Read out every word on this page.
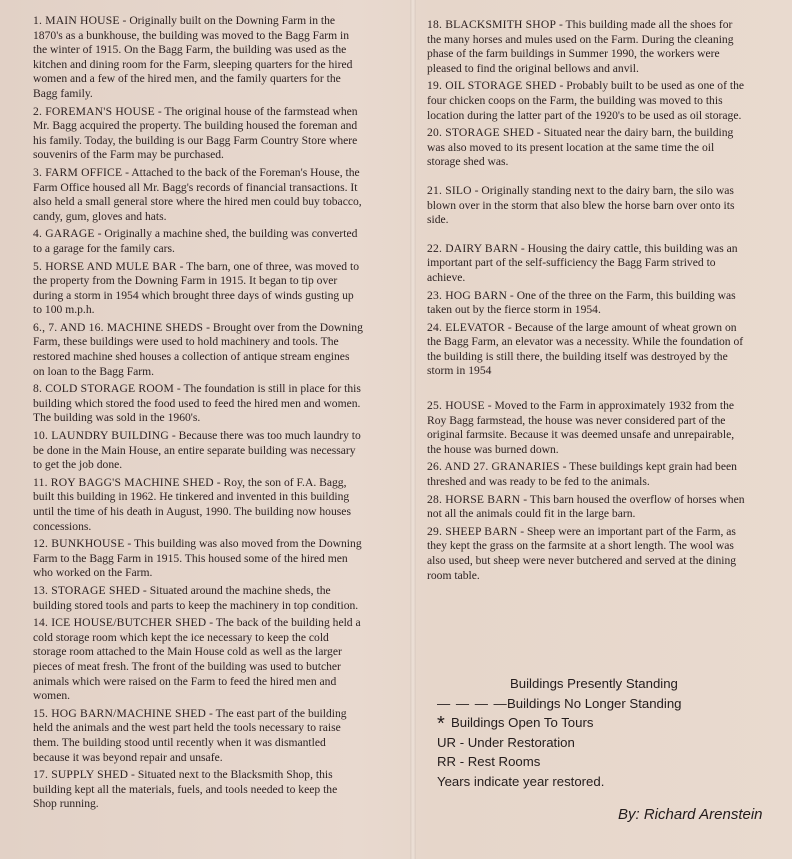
1. MAIN HOUSE - Originally built on the Downing Farm in the 1870's as a bunkhouse, the building was moved to the Bagg Farm in the winter of 1915. On the Bagg Farm, the building was used as the kitchen and dining room for the Farm, sleeping quarters for the hired women and a few of the hired men, and the family quarters for the Bagg family.
2. FOREMAN'S HOUSE - The original house of the farmstead when Mr. Bagg acquired the property. The building housed the foreman and his family. Today, the building is our Bagg Farm Country Store where souvenirs of the Farm may be purchased.
3. FARM OFFICE - Attached to the back of the Foreman's House, the Farm Office housed all Mr. Bagg's records of financial transactions. It also held a small general store where the hired men could buy tobacco, candy, gum, gloves and hats.
4. GARAGE - Originally a machine shed, the building was converted to a garage for the family cars.
5. HORSE AND MULE BAR - The barn, one of three, was moved to the property from the Downing Farm in 1915. It began to tip over during a storm in 1954 which brought three days of winds gusting up to 100 m.p.h.
6., 7. AND 16. MACHINE SHEDS - Brought over from the Downing Farm, these buildings were used to hold machinery and tools. The restored machine shed houses a collection of antique stream engines on loan to the Bagg Farm.
8. COLD STORAGE ROOM - The foundation is still in place for this building which stored the food used to feed the hired men and women. The building was sold in the 1960's.
10. LAUNDRY BUILDING - Because there was too much laundry to be done in the Main House, an entire separate building was necessary to get the job done.
11. ROY BAGG'S MACHINE SHED - Roy, the son of F.A. Bagg, built this building in 1962. He tinkered and invented in this building until the time of his death in August, 1990. The building now houses concessions.
12. BUNKHOUSE - This building was also moved from the Downing Farm to the Bagg Farm in 1915. This housed some of the hired men who worked on the Farm.
13. STORAGE SHED - Situated around the machine sheds, the building stored tools and parts to keep the machinery in top condition.
14. ICE HOUSE/BUTCHER SHED - The back of the building held a cold storage room which kept the ice necessary to keep the cold storage room attached to the Main House cold as well as the larger pieces of meat fresh. The front of the building was used to butcher animals which were raised on the Farm to feed the hired men and women.
15. HOG BARN/MACHINE SHED - The east part of the building held the animals and the west part held the tools necessary to raise them. The building stood until recently when it was dismantled because it was beyond repair and unsafe.
17. SUPPLY SHED - Situated next to the Blacksmith Shop, this building kept all the materials, fuels, and tools needed to keep the Shop running.
18. BLACKSMITH SHOP - This building made all the shoes for the many horses and mules used on the Farm. During the cleaning phase of the farm buildings in Summer 1990, the workers were pleased to find the original bellows and anvil.
19. OIL STORAGE SHED - Probably built to be used as one of the four chicken coops on the Farm, the building was moved to this location during the latter part of the 1920's to be used as oil storage.
20. STORAGE SHED - Situated near the dairy barn, the building was also moved to its present location at the same time the oil storage shed was.
21. SILO - Originally standing next to the dairy barn, the silo was blown over in the storm that also blew the horse barn over onto its side.
22. DAIRY BARN - Housing the dairy cattle, this building was an important part of the self-sufficiency the Bagg Farm strived to achieve.
23. HOG BARN - One of the three on the Farm, this building was taken out by the fierce storm in 1954.
24. ELEVATOR - Because of the large amount of wheat grown on the Bagg Farm, an elevator was a necessity. While the foundation of the building is still there, the building itself was destroyed by the storm in 1954
25. HOUSE - Moved to the Farm in approximately 1932 from the Roy Bagg farmstead, the house was never considered part of the original farmsite. Because it was deemed unsafe and unrepairable, the house was burned down.
26. AND 27. GRANARIES - These buildings kept grain had been threshed and was ready to be fed to the animals.
28. HORSE BARN - This barn housed the overflow of horses when not all the animals could fit in the large barn.
29. SHEEP BARN - Sheep were an important part of the Farm, as they kept the grass on the farmsite at a short length. The wool was also used, but sheep were never butchered and served at the dining room table.
Buildings Presently Standing
— — — —Buildings No Longer Standing
* Buildings Open To Tours
UR - Under Restoration
RR - Rest Rooms
Years indicate year restored.
By: Richard Arenstein
